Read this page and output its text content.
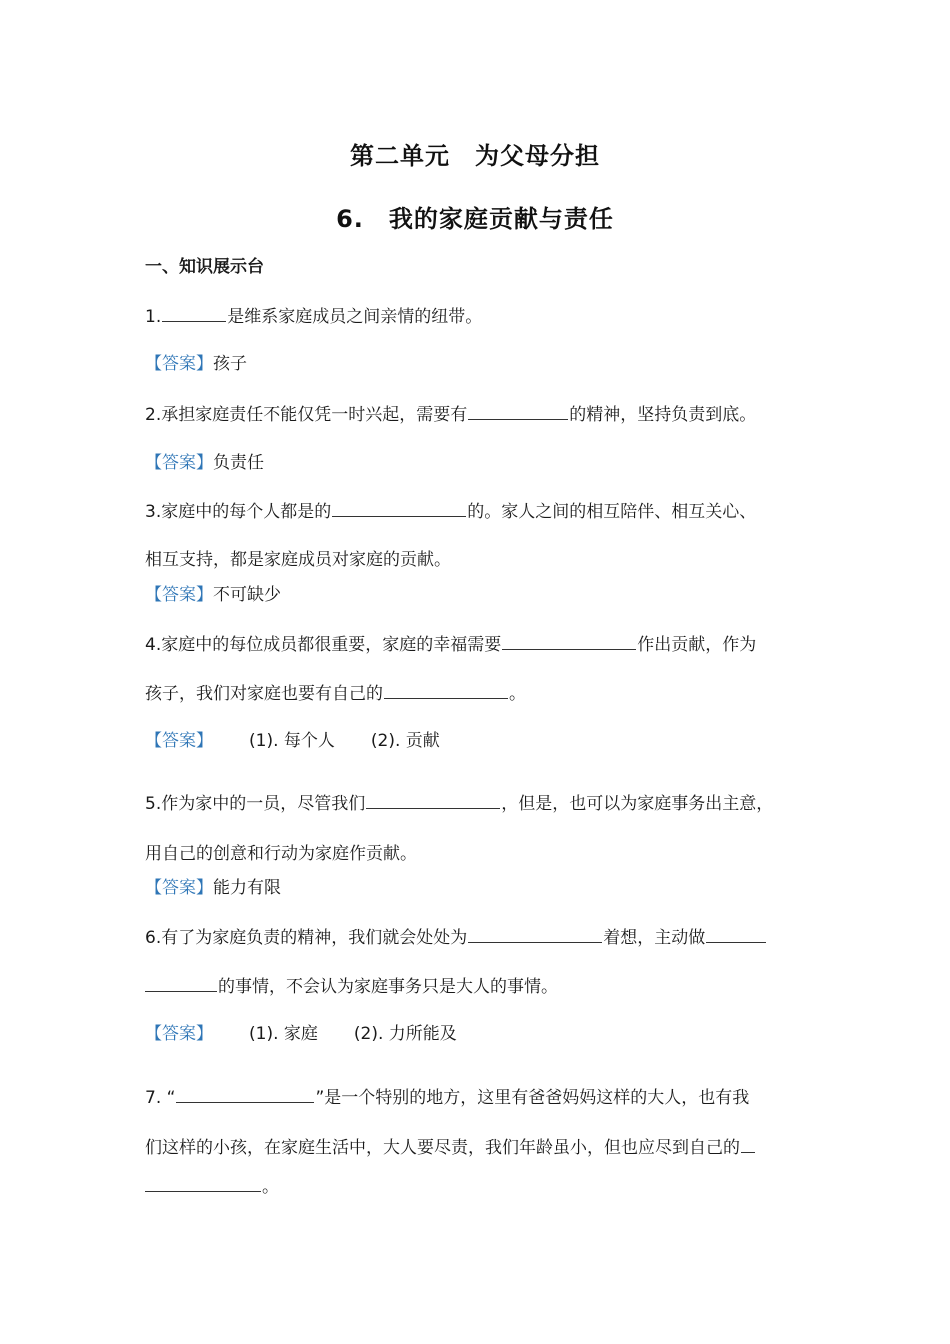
第二单元　为父母分担
6.　我的家庭贡献与责任
一、知识展示台
1.	是维系家庭成员之间亲情的纽带。
【答案】孩子
2.承担家庭责任不能仅凭一时兴起，需要有	的精神，坚持负责到底。
【答案】负责任
3.家庭中的每个人都是的	的。家人之间的相互陪伴、相互关心、
相互支持，都是家庭成员对家庭的贡献。
【答案】不可缺少
4.家庭中的每位成员都很重要，家庭的幸福需要	作出贡献，作为
孩子，我们对家庭也要有自己的	。
【答案】 (1). 每个人 (2). 贡献
5.作为家中的一员，尽管我们	，但是，也可以为家庭事务出主意，
用自己的创意和行动为家庭作贡献。
【答案】能力有限
6.有了为家庭负责的精神，我们就会处处为	着想，主动做
的事情，不会认为家庭事务只是大人的事情。
【答案】 (1). 家庭 (2). 力所能及
7. “	”是一个特别的地方，这里有爸爸妈妈这样的大人，也有我
们这样的小孩，在家庭生活中，大人要尽责，我们年龄虽小，但也应尽到自己的
。
